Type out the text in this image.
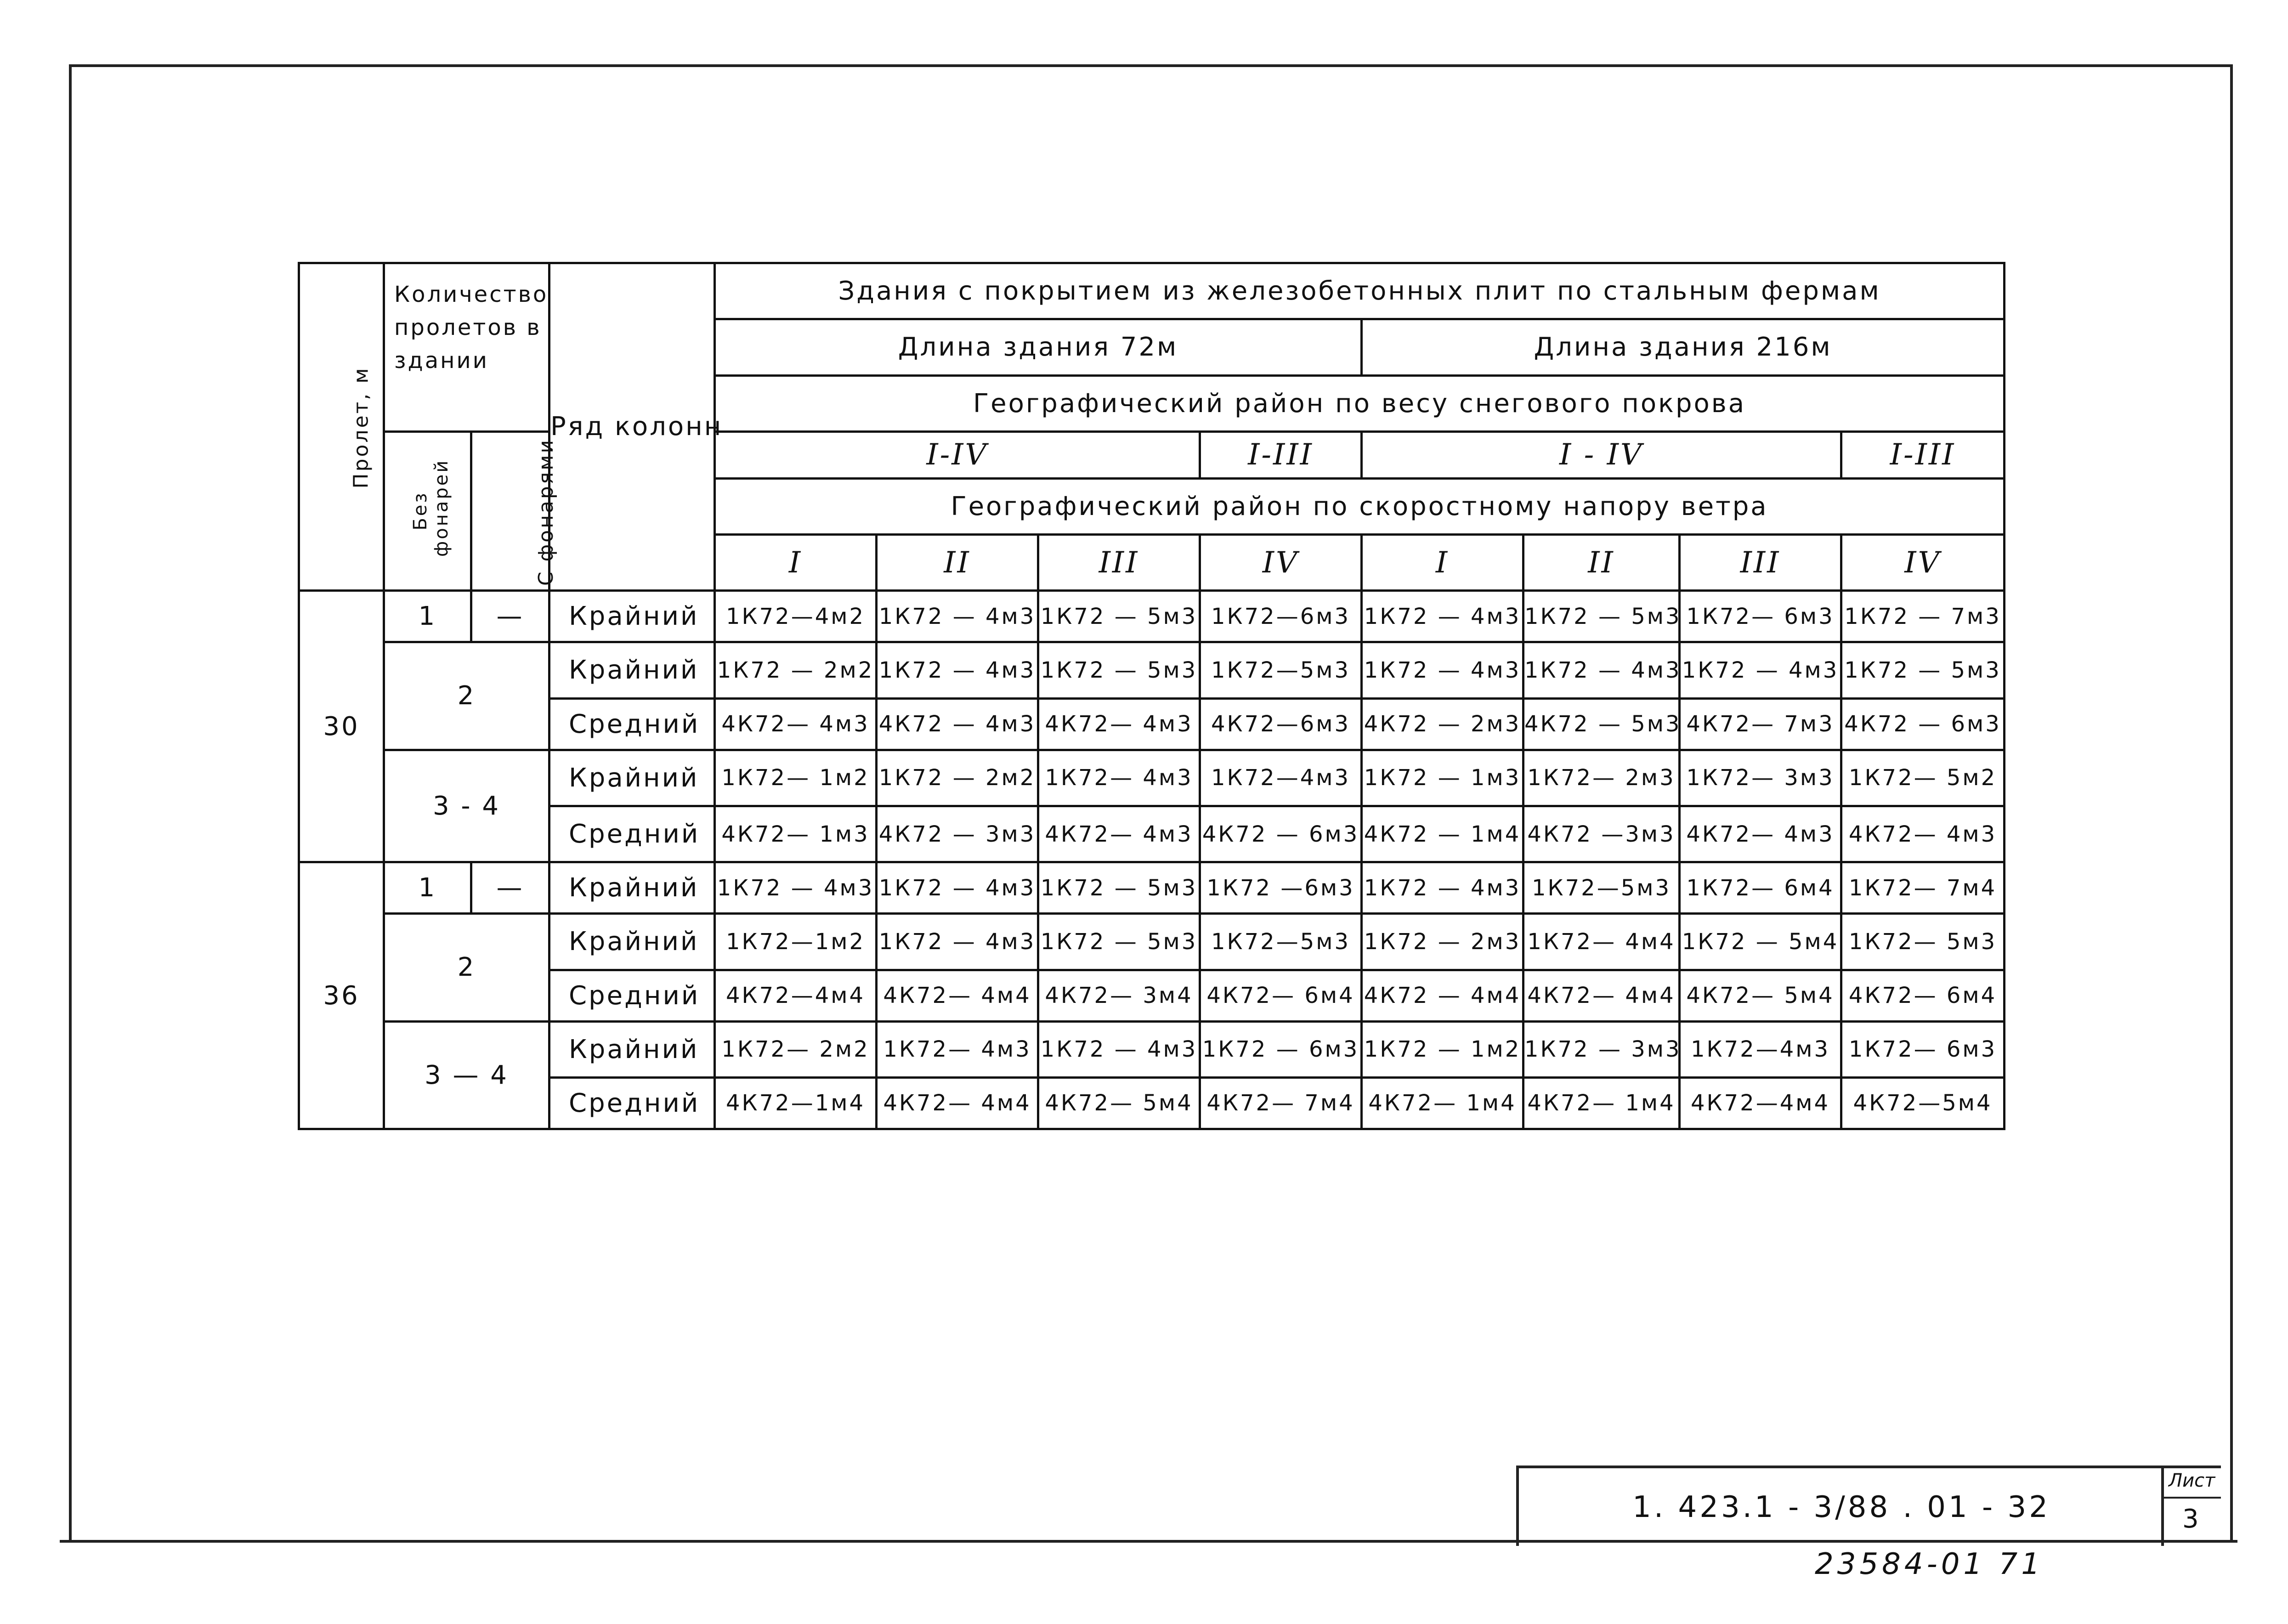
Пролет, м	Количество пролетов в здании		Ряд колонн	Здания с покрытием из железобетонных плит по стальным фермам							
				Длина здания 72м				Длина здания 216м			
				Географический район по весу снегового покрова							
	Без фонарей	С фонарями		I-IV			I-III	I - IV			I-III
				Географический район по скоростному напору ветра							
				I	II	III	IV	I	II	III	IV
30	1	—	Крайний	1К72—4м2	1К72 — 4м3	1К72 — 5м3	1К72—6м3	1К72 — 4м3	1К72 — 5м3	1К72— 6м3	1К72 — 7м3
	2		Крайний	1К72 — 2м2	1К72 — 4м3	1К72 — 5м3	1К72—5м3	1К72 — 4м3	1К72 — 4м3	1К72 — 4м3	1К72 — 5м3
			Средний	4К72— 4м3	4К72 — 4м3	4К72— 4м3	4К72—6м3	4К72 — 2м3	4К72 — 5м3	4К72— 7м3	4К72 — 6м3
	3 - 4		Крайний	1К72— 1м2	1К72 — 2м2	1К72— 4м3	1К72—4м3	1К72 — 1м3	1К72— 2м3	1К72— 3м3	1К72— 5м2
			Средний	4К72— 1м3	4К72 — 3м3	4К72— 4м3	4К72 — 6м3	4К72 — 1м4	4К72 —3м3	4К72— 4м3	4К72— 4м3
36	1	—	Крайний	1К72 — 4м3	1К72 — 4м3	1К72 — 5м3	1К72 —6м3	1К72 — 4м3	1К72—5м3	1К72— 6м4	1К72— 7м4
	2		Крайний	1К72—1м2	1К72 — 4м3	1К72 — 5м3	1К72—5м3	1К72 — 2м3	1К72— 4м4	1К72 — 5м4	1К72— 5м3
			Средний	4К72—4м4	4К72— 4м4	4К72— 3м4	4К72— 6м4	4К72 — 4м4	4К72— 4м4	4К72— 5м4	4К72— 6м4
	3 — 4		Крайний	1К72— 2м2	1К72— 4м3	1К72 — 4м3	1К72 — 6м3	1К72 — 1м2	1К72 — 3м3	1К72—4м3	1К72— 6м3
			Средний	4К72—1м4	4К72— 4м4	4К72— 5м4	4К72— 7м4	4К72— 1м4	4К72— 1м4	4К72—4м4	4К72—5м4
1. 423.1 - 3/88 . 01 - 32
Лист
3
23584-01 71
